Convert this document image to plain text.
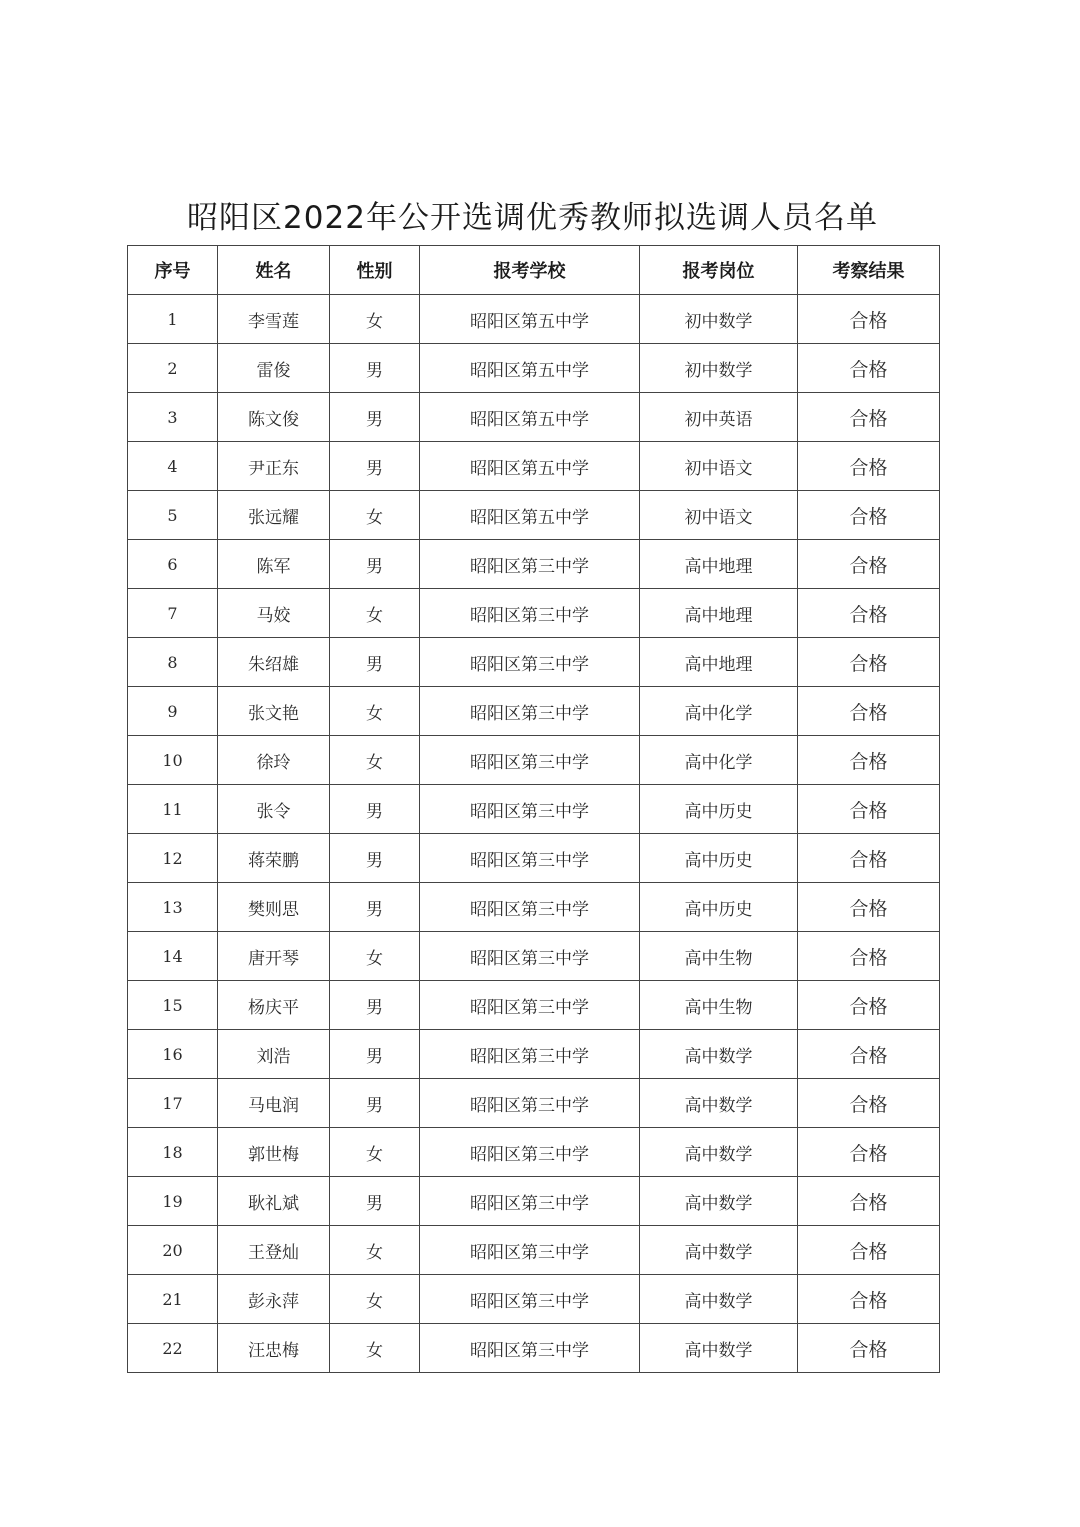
昭阳区2022年公开选调优秀教师拟选调人员名单
序号	姓名	性别	报考学校	报考岗位	考察结果
1	李雪莲	女	昭阳区第五中学	初中数学	合格
2	雷俊	男	昭阳区第五中学	初中数学	合格
3	陈文俊	男	昭阳区第五中学	初中英语	合格
4	尹正东	男	昭阳区第五中学	初中语文	合格
5	张远耀	女	昭阳区第五中学	初中语文	合格
6	陈军	男	昭阳区第三中学	高中地理	合格
7	马姣	女	昭阳区第三中学	高中地理	合格
8	朱绍雄	男	昭阳区第三中学	高中地理	合格
9	张文艳	女	昭阳区第三中学	高中化学	合格
10	徐玲	女	昭阳区第三中学	高中化学	合格
11	张令	男	昭阳区第三中学	高中历史	合格
12	蒋荣鹏	男	昭阳区第三中学	高中历史	合格
13	樊则思	男	昭阳区第三中学	高中历史	合格
14	唐开琴	女	昭阳区第三中学	高中生物	合格
15	杨庆平	男	昭阳区第三中学	高中生物	合格
16	刘浩	男	昭阳区第三中学	高中数学	合格
17	马电润	男	昭阳区第三中学	高中数学	合格
18	郭世梅	女	昭阳区第三中学	高中数学	合格
19	耿礼斌	男	昭阳区第三中学	高中数学	合格
20	王登灿	女	昭阳区第三中学	高中数学	合格
21	彭永萍	女	昭阳区第三中学	高中数学	合格
22	汪忠梅	女	昭阳区第三中学	高中数学	合格
